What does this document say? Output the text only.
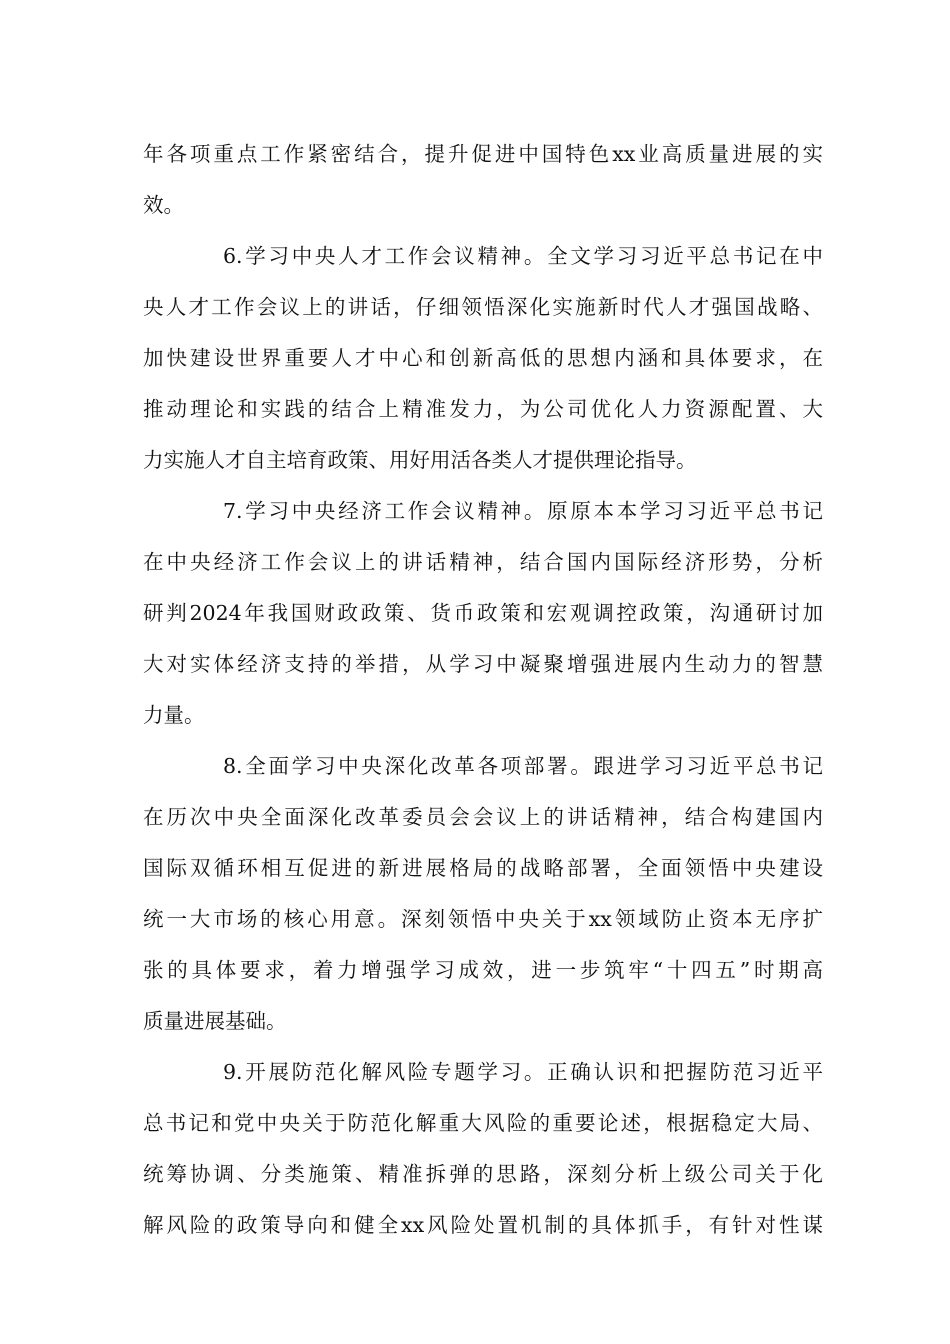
年各项重点工作紧密结合，提升促进中国特色xx业高质量进展的实
效。
6.学习中央人才工作会议精神。全文学习习近平总书记在中
央人才工作会议上的讲话，仔细领悟深化实施新时代人才强国战略、
加快建设世界重要人才中心和创新高低的思想内涵和具体要求，在
推动理论和实践的结合上精准发力，为公司优化人力资源配置、大
力实施人才自主培育政策、用好用活各类人才提供理论指导。
7.学习中央经济工作会议精神。原原本本学习习近平总书记
在中央经济工作会议上的讲话精神，结合国内国际经济形势，分析
研判2024年我国财政政策、货币政策和宏观调控政策，沟通研讨加
大对实体经济支持的举措，从学习中凝聚增强进展内生动力的智慧
力量。
8.全面学习中央深化改革各项部署。跟进学习习近平总书记
在历次中央全面深化改革委员会会议上的讲话精神，结合构建国内
国际双循环相互促进的新进展格局的战略部署，全面领悟中央建设
统一大市场的核心用意。深刻领悟中央关于xx领域防止资本无序扩
张的具体要求，着力增强学习成效，进一步筑牢“十四五”时期高
质量进展基础。
9.开展防范化解风险专题学习。正确认识和把握防范习近平
总书记和党中央关于防范化解重大风险的重要论述，根据稳定大局、
统筹协调、分类施策、精准拆弹的思路，深刻分析上级公司关于化
解风险的政策导向和健全xx风险处置机制的具体抓手，有针对性谋
